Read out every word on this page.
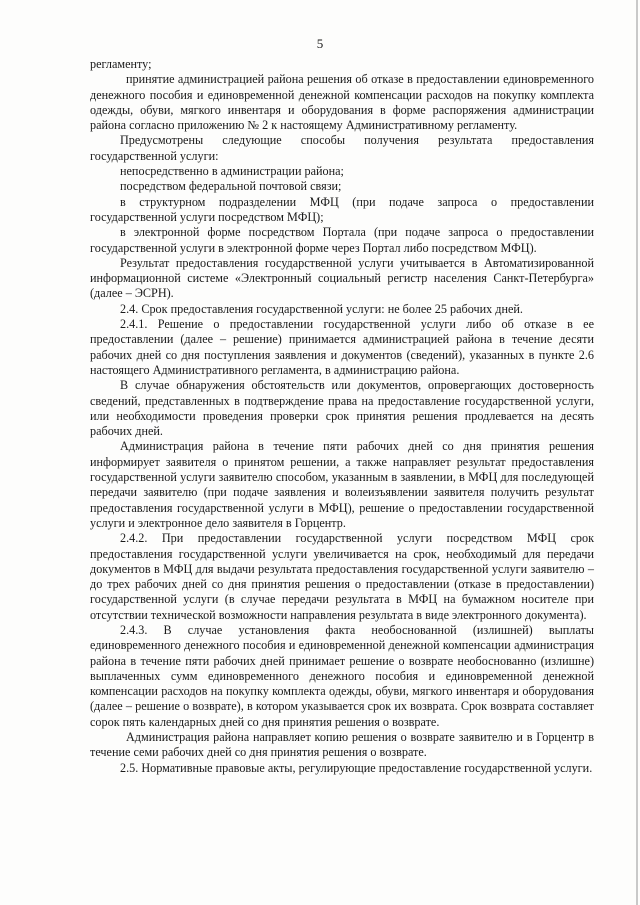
5

регламенту;

принятие администрацией района решения об отказе в предоставлении единовременного денежного пособия и единовременной денежной компенсации расходов на покупку комплекта одежды, обуви, мягкого инвентаря и оборудования в форме распоряжения администрации района согласно приложению № 2 к настоящему Административному регламенту.

Предусмотрены следующие способы получения результата предоставления государственной услуги:

непосредственно в администрации района;

посредством федеральной почтовой связи;

в структурном подразделении МФЦ (при подаче запроса о предоставлении государственной услуги посредством МФЦ);

в электронной форме посредством Портала (при подаче запроса о предоставлении государственной услуги в электронной форме через Портал либо посредством МФЦ).

Результат предоставления государственной услуги учитывается в Автоматизированной информационной системе «Электронный социальный регистр населения Санкт-Петербурга» (далее – ЭСРН).

2.4. Срок предоставления государственной услуги: не более 25 рабочих дней.

2.4.1. Решение о предоставлении государственной услуги либо об отказе в ее предоставлении (далее – решение) принимается администрацией района в течение десяти рабочих дней со дня поступления заявления и документов (сведений), указанных в пункте 2.6 настоящего Административного регламента, в администрацию района.

В случае обнаружения обстоятельств или документов, опровергающих достоверность сведений, представленных в подтверждение права на предоставление государственной услуги, или необходимости проведения проверки срок принятия решения продлевается на десять рабочих дней.

Администрация района в течение пяти рабочих дней со дня принятия решения информирует заявителя о принятом решении, а также направляет результат предоставления государственной услуги заявителю способом, указанным в заявлении, в МФЦ для последующей передачи заявителю (при подаче заявления и волеизъявлении заявителя получить результат предоставления государственной услуги в МФЦ), решение о предоставлении государственной услуги и электронное дело заявителя в Горцентр.

2.4.2. При предоставлении государственной услуги посредством МФЦ срок предоставления государственной услуги увеличивается на срок, необходимый для передачи документов в МФЦ для выдачи результата предоставления государственной услуги заявителю – до трех рабочих дней со дня принятия решения о предоставлении (отказе в предоставлении) государственной услуги (в случае передачи результата в МФЦ на бумажном носителе при отсутствии технической возможности направления результата в виде электронного документа).

2.4.3. В случае установления факта необоснованной (излишней) выплаты единовременного денежного пособия и единовременной денежной компенсации администрация района в течение пяти рабочих дней принимает решение о возврате необоснованно (излишне) выплаченных сумм единовременного денежного пособия и единовременной денежной компенсации расходов на покупку комплекта одежды, обуви, мягкого инвентаря и оборудования (далее – решение о возврате), в котором указывается срок их возврата. Срок возврата составляет сорок пять календарных дней со дня принятия решения о возврате.

Администрация района направляет копию решения о возврате заявителю и в Горцентр в течение семи рабочих дней со дня принятия решения о возврате.

2.5. Нормативные правовые акты, регулирующие предоставление государственной услуги.
